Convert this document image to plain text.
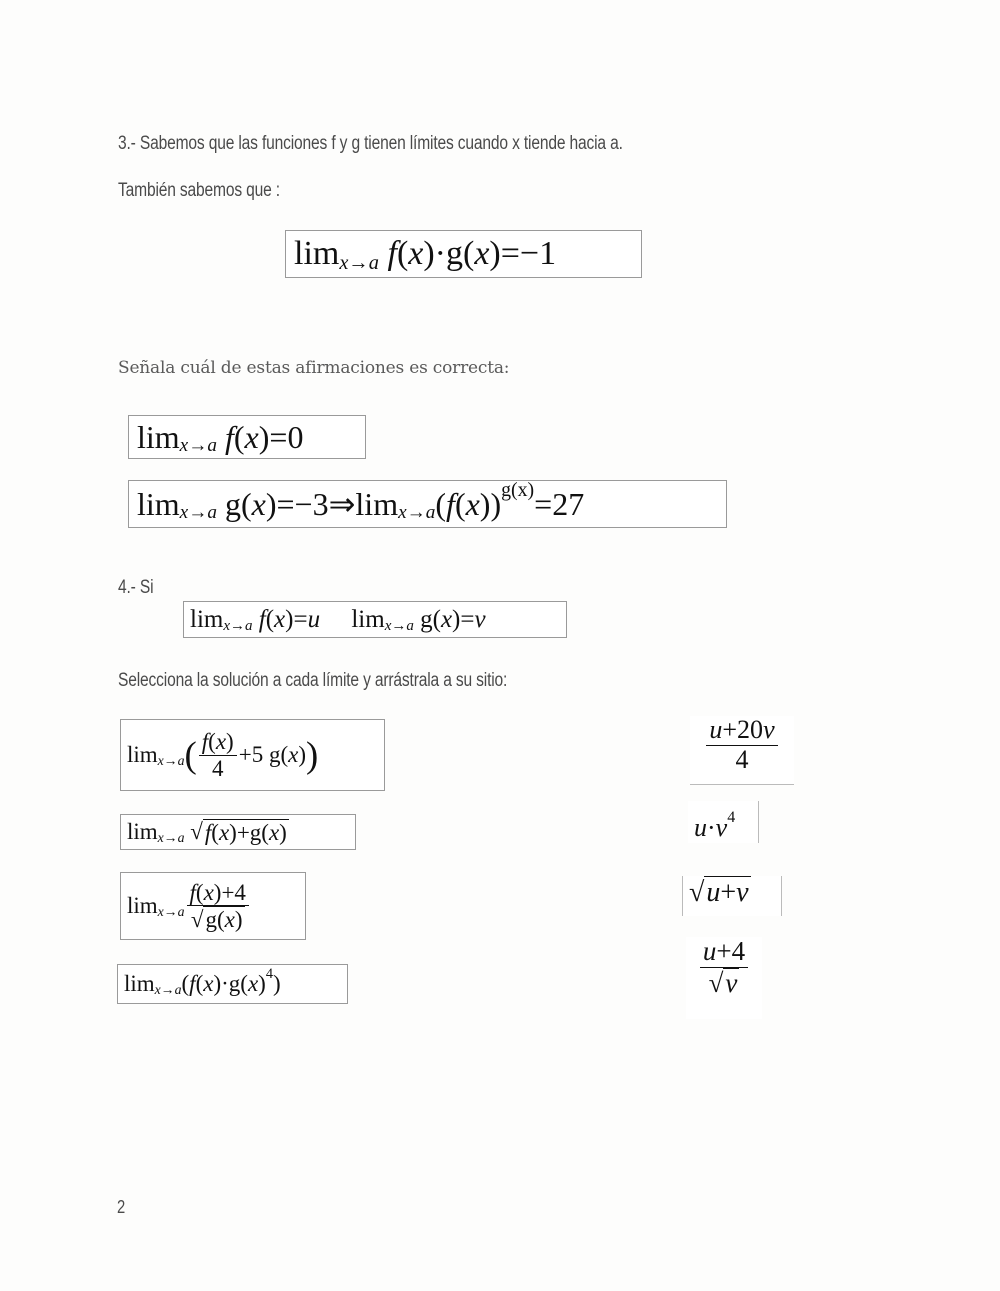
3.- Sabemos que las funciones f y g tienen límites cuando x tiende hacia a.
También sabemos que :
lim x→a
f ( x )·g( x )=−1
Señala cuál de estas afirmaciones es correcta:
lim x→a
f ( x )=0
lim x→a g( x )=−3⇒ lim x→a ( f ( x )) g(x) =27
4.- Si
lim x→a
f ( x )= u
lim x→a g( x )= v
Selecciona la solución a cada límite y arrástrala a su sitio:
lim x→a ( $\frac{f(x)}{4} +5$ g( x ) )
lim x→a √ f(x)+g(x)
$\lim x\to a \frac{f(x)+4}{√g(x)}$
lim x→a ( f ( x )·g( x ) 4 )
$\frac{u+20v}{4}$
u·v4
√u+v
$\frac{u+4}{√v}$
2
